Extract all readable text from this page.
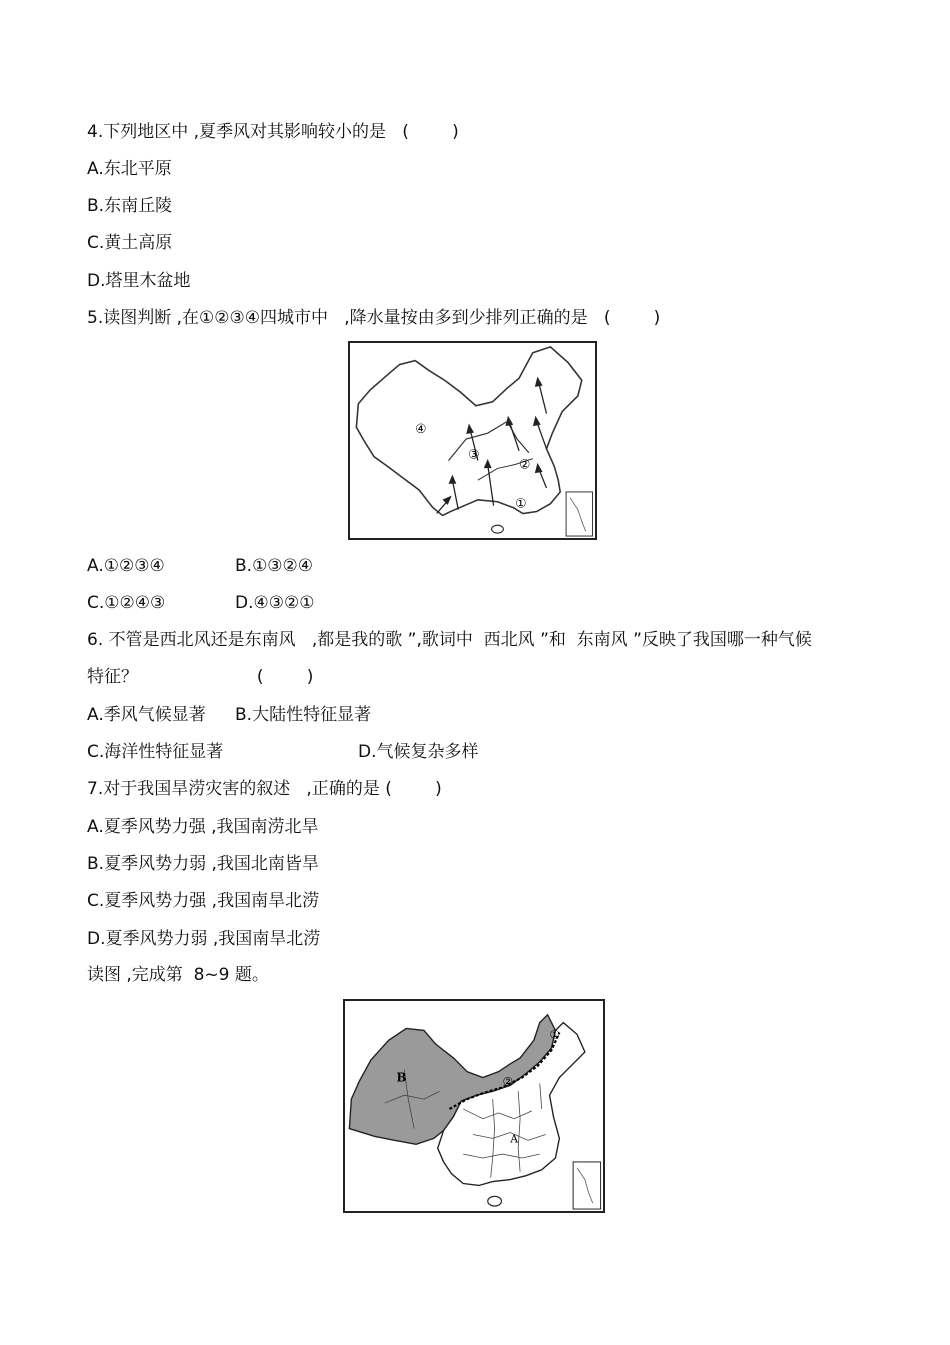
4.下列地区中 ,夏季风对其影响较小的是   (        )
A.东北平原
B.东南丘陵
C.黄土高原
D.塔里木盆地
5.读图判断 ,在①②③④四城市中   ,降水量按由多到少排列正确的是   (        )
④
③
②
①
A.①②③④	B.①③②④
C.①②④③	D.④③②①
6. 不管是西北风还是东南风   ,都是我的歌 ”,歌词中  西北风 ”和  东南风 ”反映了我国哪一种气候
特征？                      (        )
A.季风气候显著 B.大陆性特征显著
C.海洋性特征显著	D.气候复杂多样
7.对于我国旱涝灾害的叙述   ,正确的是 (        )
A.夏季风势力强 ,我国南涝北旱
B.夏季风势力弱 ,我国北南皆旱
C.夏季风势力强 ,我国南旱北涝
D.夏季风势力弱 ,我国南旱北涝
读图 ,完成第  8~9 题。
B
①
②
A
